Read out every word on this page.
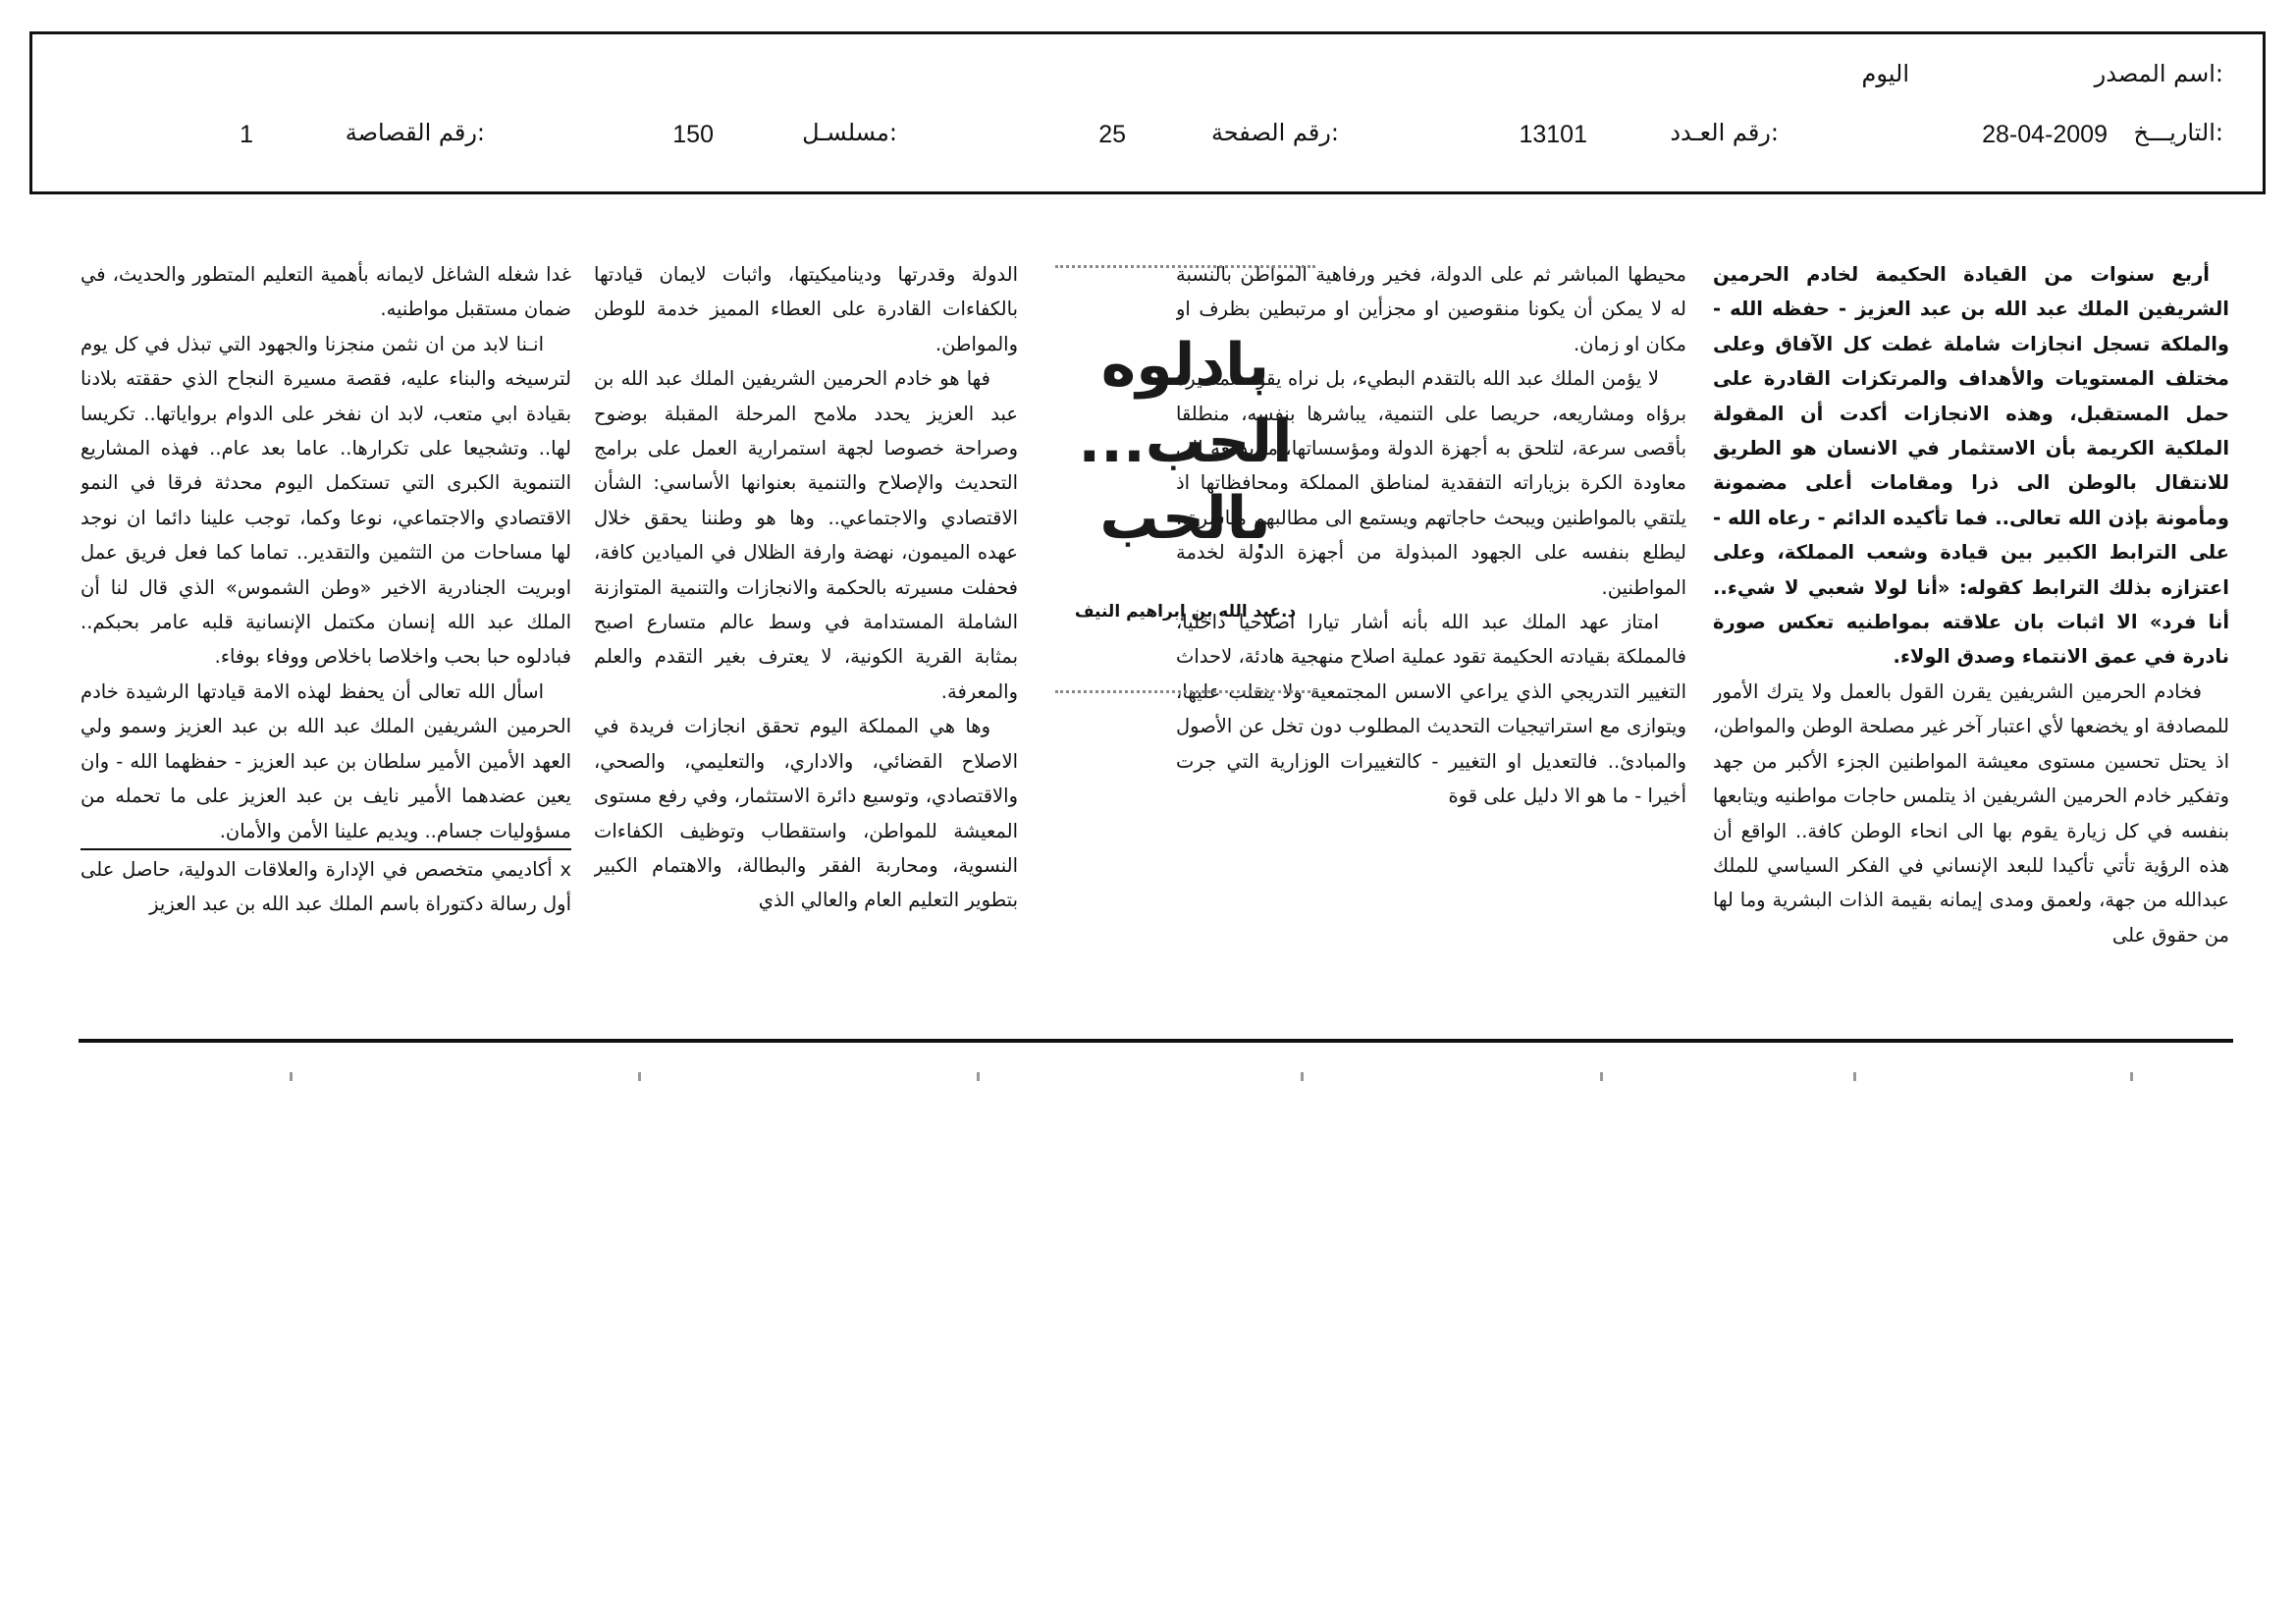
اسم المصدر:
اليوم
التاريـــخ:
28-04-2009
رقم العـدد:
13101
رقم الصفحة:
25
مسلسـل:
150
رقم القصاصة:
1

أربع سنوات من القيادة الحكيمة لخادم الحرمين الشريفين الملك عبد الله بن عبد العزيز - حفظه الله - والملكة تسجل انجازات شاملة غطت كل الآفاق وعلى مختلف المستويات والأهداف والمرتكزات القادرة على حمل المستقبل، وهذه الانجازات أكدت أن المقولة الملكية الكريمة بأن الاستثمار في الانسان هو الطريق للانتقال بالوطن الى ذرا ومقامات أعلى مضمونة ومأمونة بإذن الله تعالى.. فما تأكيده الدائم - رعاه الله - على الترابط الكبير بين قيادة وشعب المملكة، وعلى اعتزازه بذلك الترابط كقوله: «أنا لولا شعبي لا شيء.. أنا فرد» الا اثبات بان علاقته بمواطنيه تعكس صورة نادرة في عمق الانتماء وصدق الولاء.

فخادم الحرمين الشريفين يقرن القول بالعمل ولا يترك الأمور للمصادفة او يخضعها لأي اعتبار آخر غير مصلحة الوطن والمواطن، اذ يحتل تحسين مستوى معيشة المواطنين الجزء الأكبر من جهد وتفكير خادم الحرمين الشريفين اذ يتلمس حاجات مواطنيه ويتابعها بنفسه في كل زيارة يقوم بها الى انحاء الوطن كافة.. الواقع أن هذه الرؤية تأتي تأكيدا للبعد الإنساني في الفكر السياسي للملك عبدالله من جهة، ولعمق ومدى إيمانه بقيمة الذات البشرية وما لها من حقوق على

محيطها المباشر ثم على الدولة، فخير ورفاهية المواطن بالنسبة له لا يمكن أن يكونا منقوصين او مجزأين او مرتبطين بظرف او مكان او زمان.

لا يؤمن الملك عبد الله بالتقدم البطيء، بل نراه يقود المسيرة برؤاه ومشاريعه، حريصا على التنمية، يباشرها بنفسه، منطلقا بأقصى سرعة، لتلحق به أجهزة الدولة ومؤسساتها، ما يدفعه إلى معاودة الكرة بزياراته التفقدية لمناطق المملكة ومحافظاتها اذ يلتقي بالمواطنين ويبحث حاجاتهم ويستمع الى مطالبهم مباشرة.. ليطلع بنفسه على الجهود المبذولة من أجهزة الدولة لخدمة المواطنين.

امتاز عهد الملك عبد الله بأنه أشار تيارا اصلاحيا داخليا، فالمملكة بقيادته الحكيمة تقود عملية اصلاح منهجية هادئة، لاحداث التغيير التدريجي الذي يراعي الاسس المجتمعية ولا ينقلب عليها، ويتوازى مع استراتيجيات التحديث المطلوب دون تخل عن الأصول والمبادئ.. فالتعديل او التغيير - كالتغييرات الوزارية التي جرت أخيرا - ما هو الا دليل على قوة

بادلوه
الحب...
بالحب
د.عبد الله بن إبراهيم النيف

الدولة وقدرتها وديناميكيتها، واثبات لايمان قيادتها بالكفاءات القادرة على العطاء المميز خدمة للوطن والمواطن.

فها هو خادم الحرمين الشريفين الملك عبد الله بن عبد العزيز يحدد ملامح المرحلة المقبلة بوضوح وصراحة خصوصا لجهة استمرارية العمل على برامج التحديث والإصلاح والتنمية بعنوانها الأساسي: الشأن الاقتصادي والاجتماعي.. وها هو وطننا يحقق خلال عهده الميمون، نهضة وارفة الظلال في الميادين كافة، فحفلت مسيرته بالحكمة والانجازات والتنمية المتوازنة الشاملة المستدامة في وسط عالم متسارع اصبح بمثابة القرية الكونية، لا يعترف بغير التقدم والعلم والمعرفة.

وها هي المملكة اليوم تحقق انجازات فريدة في الاصلاح القضائي، والاداري، والتعليمي، والصحي، والاقتصادي، وتوسيع دائرة الاستثمار، وفي رفع مستوى المعيشة للمواطن، واستقطاب وتوظيف الكفاءات النسوية، ومحاربة الفقر والبطالة، والاهتمام الكبير بتطوير التعليم العام والعالي الذي

غدا شغله الشاغل لايمانه بأهمية التعليم المتطور والحديث، في ضمان مستقبل مواطنيه.

انـنا لابد من ان نثمن منجزنا والجهود التي تبذل في كل يوم لترسيخه والبناء عليه، فقصة مسيرة النجاح الذي حققته بلادنا بقيادة ابي متعب، لابد ان نفخر على الدوام برواياتها.. تكريسا لها.. وتشجيعا على تكرارها.. عاما بعد عام.. فهذه المشاريع التنموية الكبرى التي تستكمل اليوم محدثة فرقا في النمو الاقتصادي والاجتماعي، نوعا وكما، توجب علينا دائما ان نوجد لها مساحات من التثمين والتقدير.. تماما كما فعل فريق عمل اوبريت الجنادرية الاخير «وطن الشموس» الذي قال لنا أن الملك عبد الله إنسان مكتمل الإنسانية قلبه عامر بحبكم.. فبادلوه حبا بحب واخلاصا باخلاص ووفاء بوفاء.

اسأل الله تعالى أن يحفظ لهذه الامة قيادتها الرشيدة خادم الحرمين الشريفين الملك عبد الله بن عبد العزيز وسمو ولي العهد الأمين الأمير سلطان بن عبد العزيز - حفظهما الله - وان يعين عضدهما الأمير نايف بن عبد العزيز على ما تحمله من مسؤوليات جسام.. ويديم علينا الأمن والأمان.

x أكاديمي متخصص في الإدارة والعلاقات الدولية، حاصل على أول رسالة دكتوراة باسم الملك عبد الله بن عبد العزيز
